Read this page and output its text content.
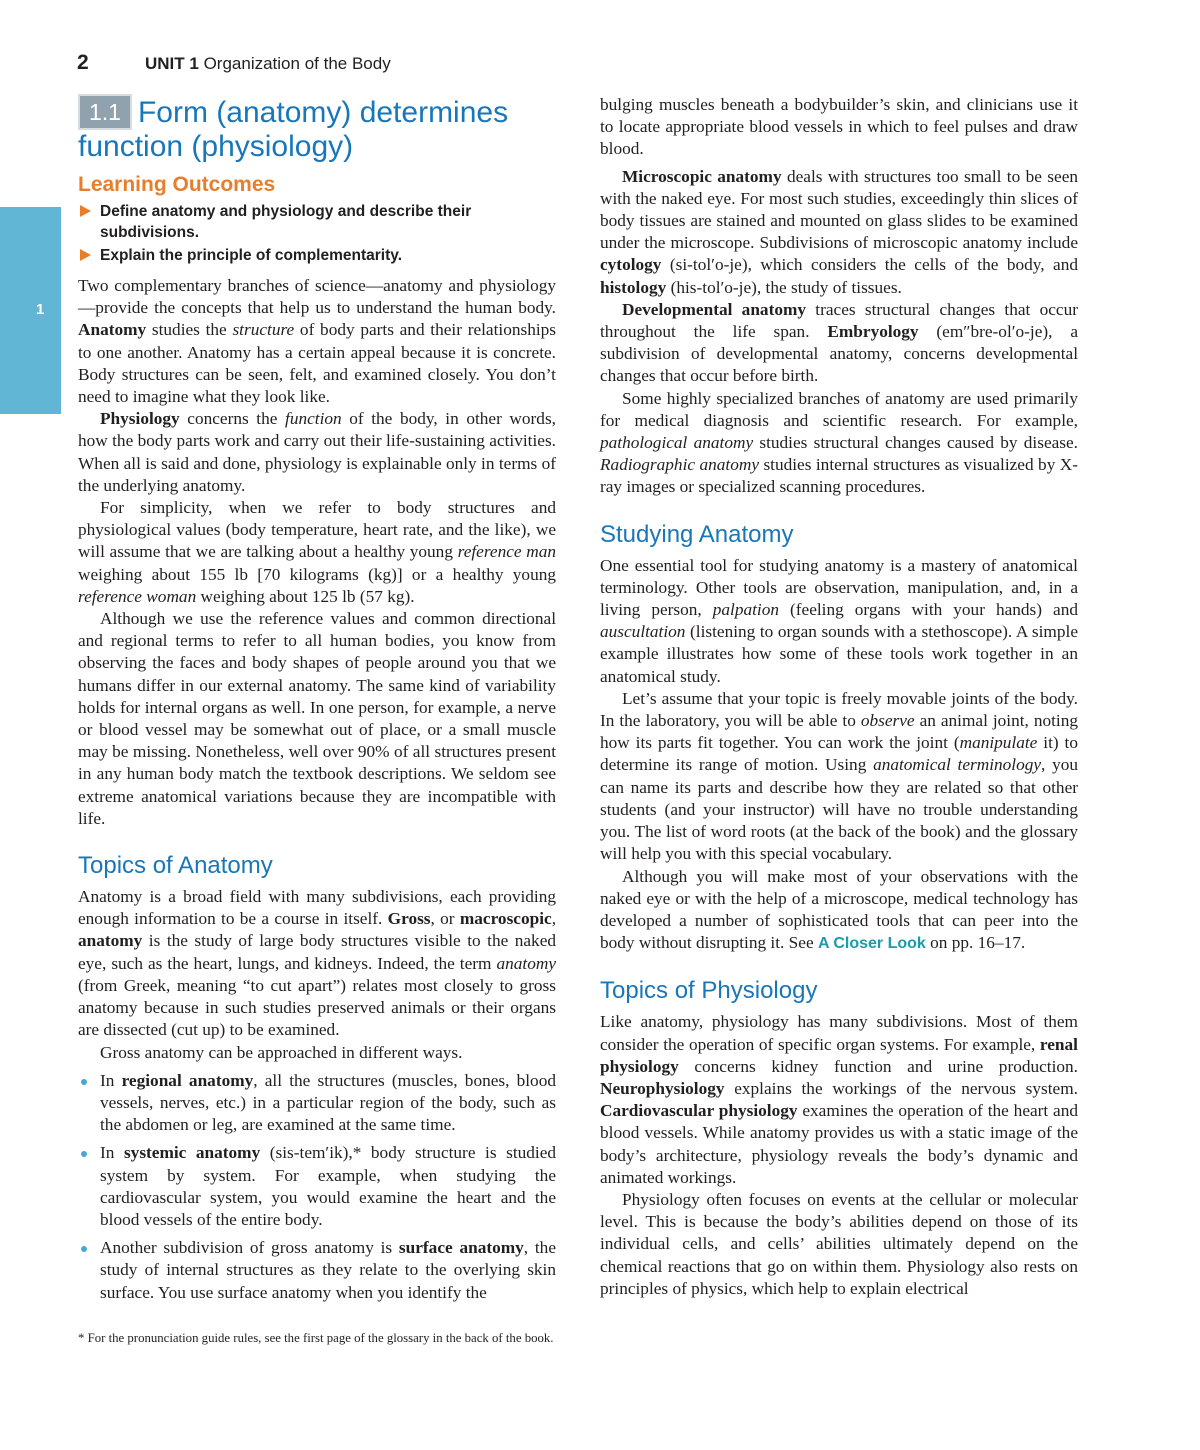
1
2	UNIT 1 Organization of the Body
1.1 Form (anatomy) determines function (physiology)
Learning Outcomes
Define anatomy and physiology and describe their subdivisions.
Explain the principle of complementarity.

Two complementary branches of science—anatomy and physiology—provide the concepts that help us to understand the human body. Anatomy studies the structure of body parts and their relationships to one another. Anatomy has a certain appeal because it is concrete. Body structures can be seen, felt, and examined closely. You don’t need to imagine what they look like.

Physiology concerns the function of the body, in other words, how the body parts work and carry out their life-sustaining activities. When all is said and done, physiology is explainable only in terms of the underlying anatomy.

For simplicity, when we refer to body structures and physiological values (body temperature, heart rate, and the like), we will assume that we are talking about a healthy young reference man weighing about 155 lb [70 kilograms (kg)] or a healthy young reference woman weighing about 125 lb (57 kg).

Although we use the reference values and common directional and regional terms to refer to all human bodies, you know from observing the faces and body shapes of people around you that we humans differ in our external anatomy. The same kind of variability holds for internal organs as well. In one person, for example, a nerve or blood vessel may be somewhat out of place, or a small muscle may be missing. Nonetheless, well over 90% of all structures present in any human body match the textbook descriptions. We seldom see extreme anatomical variations because they are incompatible with life.

Topics of Anatomy

Anatomy is a broad field with many subdivisions, each providing enough information to be a course in itself. Gross, or macroscopic, anatomy is the study of large body structures visible to the naked eye, such as the heart, lungs, and kidneys. Indeed, the term anatomy (from Greek, meaning “to cut apart”) relates most closely to gross anatomy because in such studies preserved animals or their organs are dissected (cut up) to be examined.

Gross anatomy can be approached in different ways.

In regional anatomy, all the structures (muscles, bones, blood vessels, nerves, etc.) in a particular region of the body, such as the abdomen or leg, are examined at the same time.

In systemic anatomy (sis-tem′ik),* body structure is studied system by system. For example, when studying the cardiovascular system, you would examine the heart and the blood vessels of the entire body.

Another subdivision of gross anatomy is surface anatomy, the study of internal structures as they relate to the overlying skin surface. You use surface anatomy when you identify the

* For the pronunciation guide rules, see the first page of the glossary in the back of the book.

bulging muscles beneath a bodybuilder’s skin, and clinicians use it to locate appropriate blood vessels in which to feel pulses and draw blood.

Microscopic anatomy deals with structures too small to be seen with the naked eye. For most such studies, exceedingly thin slices of body tissues are stained and mounted on glass slides to be examined under the microscope. Subdivisions of microscopic anatomy include cytology (si-tol′o-je), which considers the cells of the body, and histology (his-tol′o-je), the study of tissues.

Developmental anatomy traces structural changes that occur throughout the life span. Embryology (em″bre-ol′o-je), a subdivision of developmental anatomy, concerns developmental changes that occur before birth.

Some highly specialized branches of anatomy are used primarily for medical diagnosis and scientific research. For example, pathological anatomy studies structural changes caused by disease. Radiographic anatomy studies internal structures as visualized by X-ray images or specialized scanning procedures.

Studying Anatomy

One essential tool for studying anatomy is a mastery of anatomical terminology. Other tools are observation, manipulation, and, in a living person, palpation (feeling organs with your hands) and auscultation (listening to organ sounds with a stethoscope). A simple example illustrates how some of these tools work together in an anatomical study.

Let’s assume that your topic is freely movable joints of the body. In the laboratory, you will be able to observe an animal joint, noting how its parts fit together. You can work the joint (manipulate it) to determine its range of motion. Using anatomical terminology, you can name its parts and describe how they are related so that other students (and your instructor) will have no trouble understanding you. The list of word roots (at the back of the book) and the glossary will help you with this special vocabulary.

Although you will make most of your observations with the naked eye or with the help of a microscope, medical technology has developed a number of sophisticated tools that can peer into the body without disrupting it. See A Closer Look on pp. 16–17.

Topics of Physiology

Like anatomy, physiology has many subdivisions. Most of them consider the operation of specific organ systems. For example, renal physiology concerns kidney function and urine production. Neurophysiology explains the workings of the nervous system. Cardiovascular physiology examines the operation of the heart and blood vessels. While anatomy provides us with a static image of the body’s architecture, physiology reveals the body’s dynamic and animated workings.

Physiology often focuses on events at the cellular or molecular level. This is because the body’s abilities depend on those of its individual cells, and cells’ abilities ultimately depend on the chemical reactions that go on within them. Physiology also rests on principles of physics, which help to explain electrical
